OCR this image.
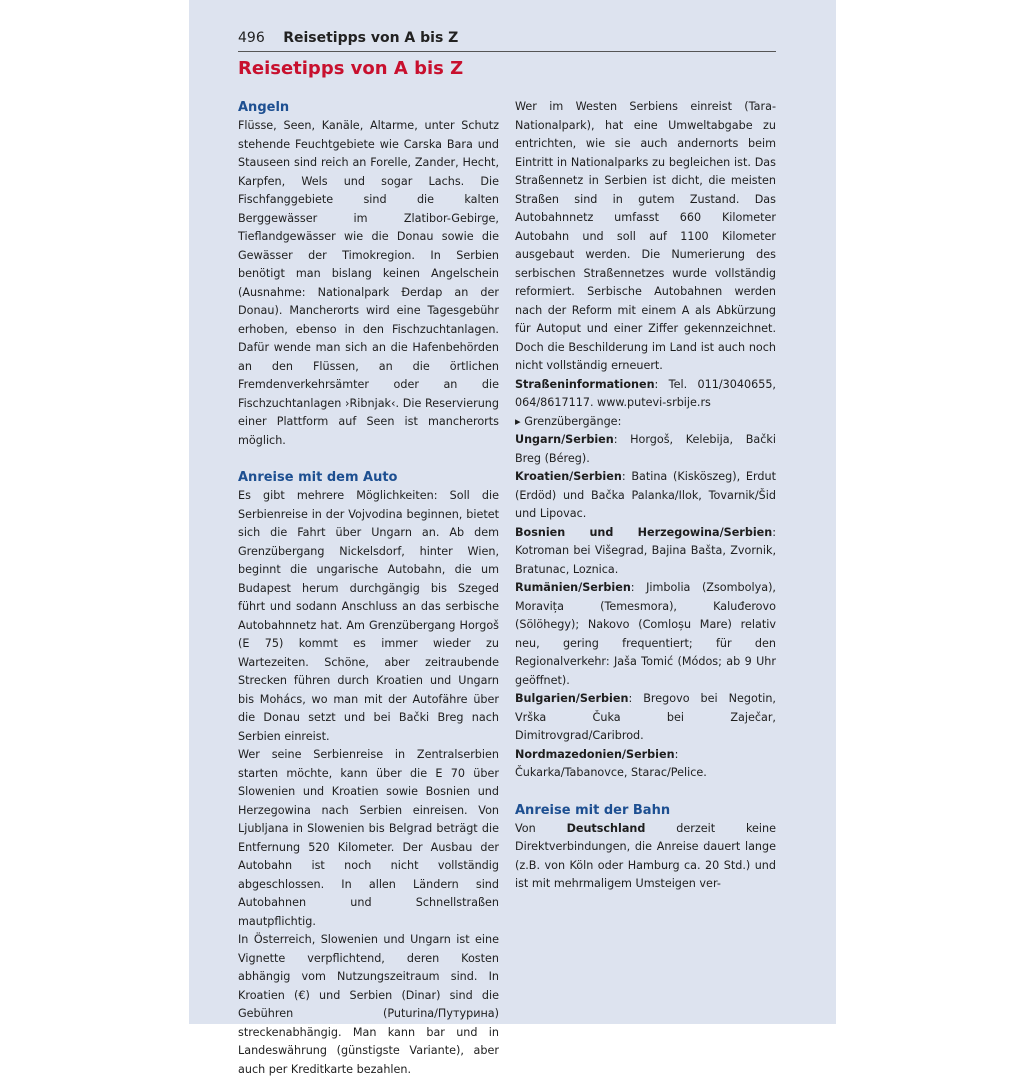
496 Reisetipps von A bis Z
Reisetipps von A bis Z
Angeln

Flüsse, Seen, Kanäle, Altarme, unter Schutz stehende Feuchtgebiete wie Carska Bara und Stauseen sind reich an Forelle, Zander, Hecht, Karpfen, Wels und sogar Lachs. Die Fischfanggebiete sind die kalten Berggewässer im Zlatibor-Gebirge, Tieflandgewässer wie die Donau sowie die Gewässer der Timokregion. In Serbien benötigt man bislang keinen Angelschein (Ausnahme: Nationalpark Đerdap an der Donau). Mancherorts wird eine Tagesgebühr erhoben, ebenso in den Fischzuchtanlagen. Dafür wende man sich an die Hafenbehörden an den Flüssen, an die örtlichen Fremdenverkehrsämter oder an die Fischzuchtanlagen ›Ribnjak‹. Die Reservierung einer Plattform auf Seen ist mancherorts möglich.

Anreise mit dem Auto

Es gibt mehrere Möglichkeiten: Soll die Serbienreise in der Vojvodina beginnen, bietet sich die Fahrt über Ungarn an. Ab dem Grenzübergang Nickelsdorf, hinter Wien, beginnt die ungarische Autobahn, die um Budapest herum durchgängig bis Szeged führt und sodann Anschluss an das serbische Autobahnnetz hat. Am Grenzübergang Horgoš (E 75) kommt es immer wieder zu Wartezeiten. Schöne, aber zeitraubende Strecken führen durch Kroatien und Ungarn bis Mohács, wo man mit der Autofähre über die Donau setzt und bei Bački Breg nach Serbien einreist.

Wer seine Serbienreise in Zentralserbien starten möchte, kann über die E 70 über Slowenien und Kroatien sowie Bosnien und Herzegowina nach Serbien einreisen. Von Ljubljana in Slowenien bis Belgrad beträgt die Entfernung 520 Kilometer. Der Ausbau der Autobahn ist noch nicht vollständig abgeschlossen. In allen Ländern sind Autobahnen und Schnellstraßen mautpflichtig.

In Österreich, Slowenien und Ungarn ist eine Vignette verpflichtend, deren Kosten abhängig vom Nutzungszeitraum sind. In Kroatien (€) und Serbien (Dinar) sind die Gebühren (Puturina/Путурина) streckenabhängig. Man kann bar und in Landeswährung (günstigste Variante), aber auch per Kreditkarte bezahlen.

Wer im Westen Serbiens einreist (Tara-Nationalpark), hat eine Umweltabgabe zu entrichten, wie sie auch andernorts beim Eintritt in Nationalparks zu begleichen ist. Das Straßennetz in Serbien ist dicht, die meisten Straßen sind in gutem Zustand. Das Autobahnnetz umfasst 660 Kilometer Autobahn und soll auf 1100 Kilometer ausgebaut werden. Die Numerierung des serbischen Straßennetzes wurde vollständig reformiert. Serbische Autobahnen werden nach der Reform mit einem A als Abkürzung für Autoput und einer Ziffer gekennzeichnet. Doch die Beschilderung im Land ist auch noch nicht vollständig erneuert.

Straßeninformationen: Tel. 011/3040655, 064/8617117. www.putevi-srbije.rs

▸ Grenzübergänge:

Ungarn/Serbien: Horgoš, Kelebija, Bački Breg (Béreg).

Kroatien/Serbien: Batina (Kisköszeg), Erdut (Erdöd) und Bačka Palanka/Ilok, Tovarnik/Šid und Lipovac.

Bosnien und Herzegowina/Serbien: Kotroman bei Višegrad, Bajina Bašta, Zvornik, Bratunac, Loznica.

Rumänien/Serbien: Jimbolia (Zsombolya), Moravița (Temesmora), Kaluđerovo (Sölöhegy); Nakovo (Comloșu Mare) relativ neu, gering frequentiert; für den Regionalverkehr: Jaša Tomić (Módos; ab 9 Uhr geöffnet).

Bulgarien/Serbien: Bregovo bei Negotin, Vrška Čuka bei Zaječar, Dimitrovgrad/Caribrod.

Nordmazedonien/Serbien: Čukarka/Tabanovce, Starac/Pelice.

Anreise mit der Bahn

Von Deutschland derzeit keine Direktverbindungen, die Anreise dauert lange (z.B. von Köln oder Hamburg ca. 20 Std.) und ist mit mehrmaligem Umsteigen ver-
